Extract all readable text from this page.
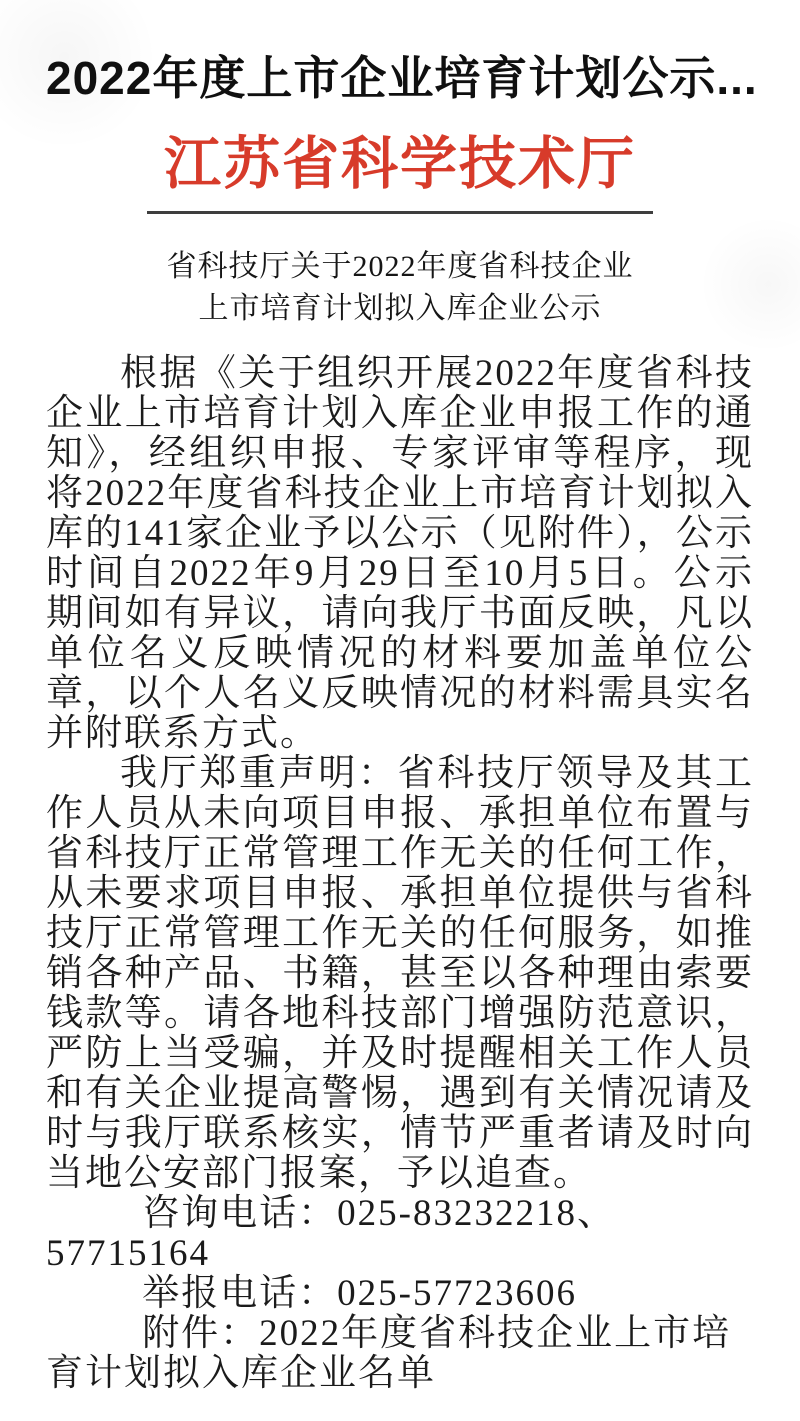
2022年度上市企业培育计划公示...
江苏省科学技术厅
省科技厅关于2022年度省科技企业
上市培育计划拟入库企业公示

根据《关于组织开展2022年度省科技企业上市培育计划入库企业申报工作的通知》，经组织申报、专家评审等程序，现将2022年度省科技企业上市培育计划拟入库的141家企业予以公示（见附件），公示时间自2022年9月29日至10月5日。公示期间如有异议，请向我厅书面反映，凡以单位名义反映情况的材料要加盖单位公章，以个人名义反映情况的材料需具实名并附联系方式。

我厅郑重声明：省科技厅领导及其工作人员从未向项目申报、承担单位布置与省科技厅正常管理工作无关的任何工作，从未要求项目申报、承担单位提供与省科技厅正常管理工作无关的任何服务，如推销各种产品、书籍，甚至以各种理由索要钱款等。请各地科技部门增强防范意识，严防上当受骗，并及时提醒相关工作人员和有关企业提高警惕，遇到有关情况请及时与我厅联系核实，情节严重者请及时向当地公安部门报案，予以追查。

咨询电话：025-83232218、57715164

举报电话：025-57723606

附件：2022年度省科技企业上市培育计划拟入库企业名单
